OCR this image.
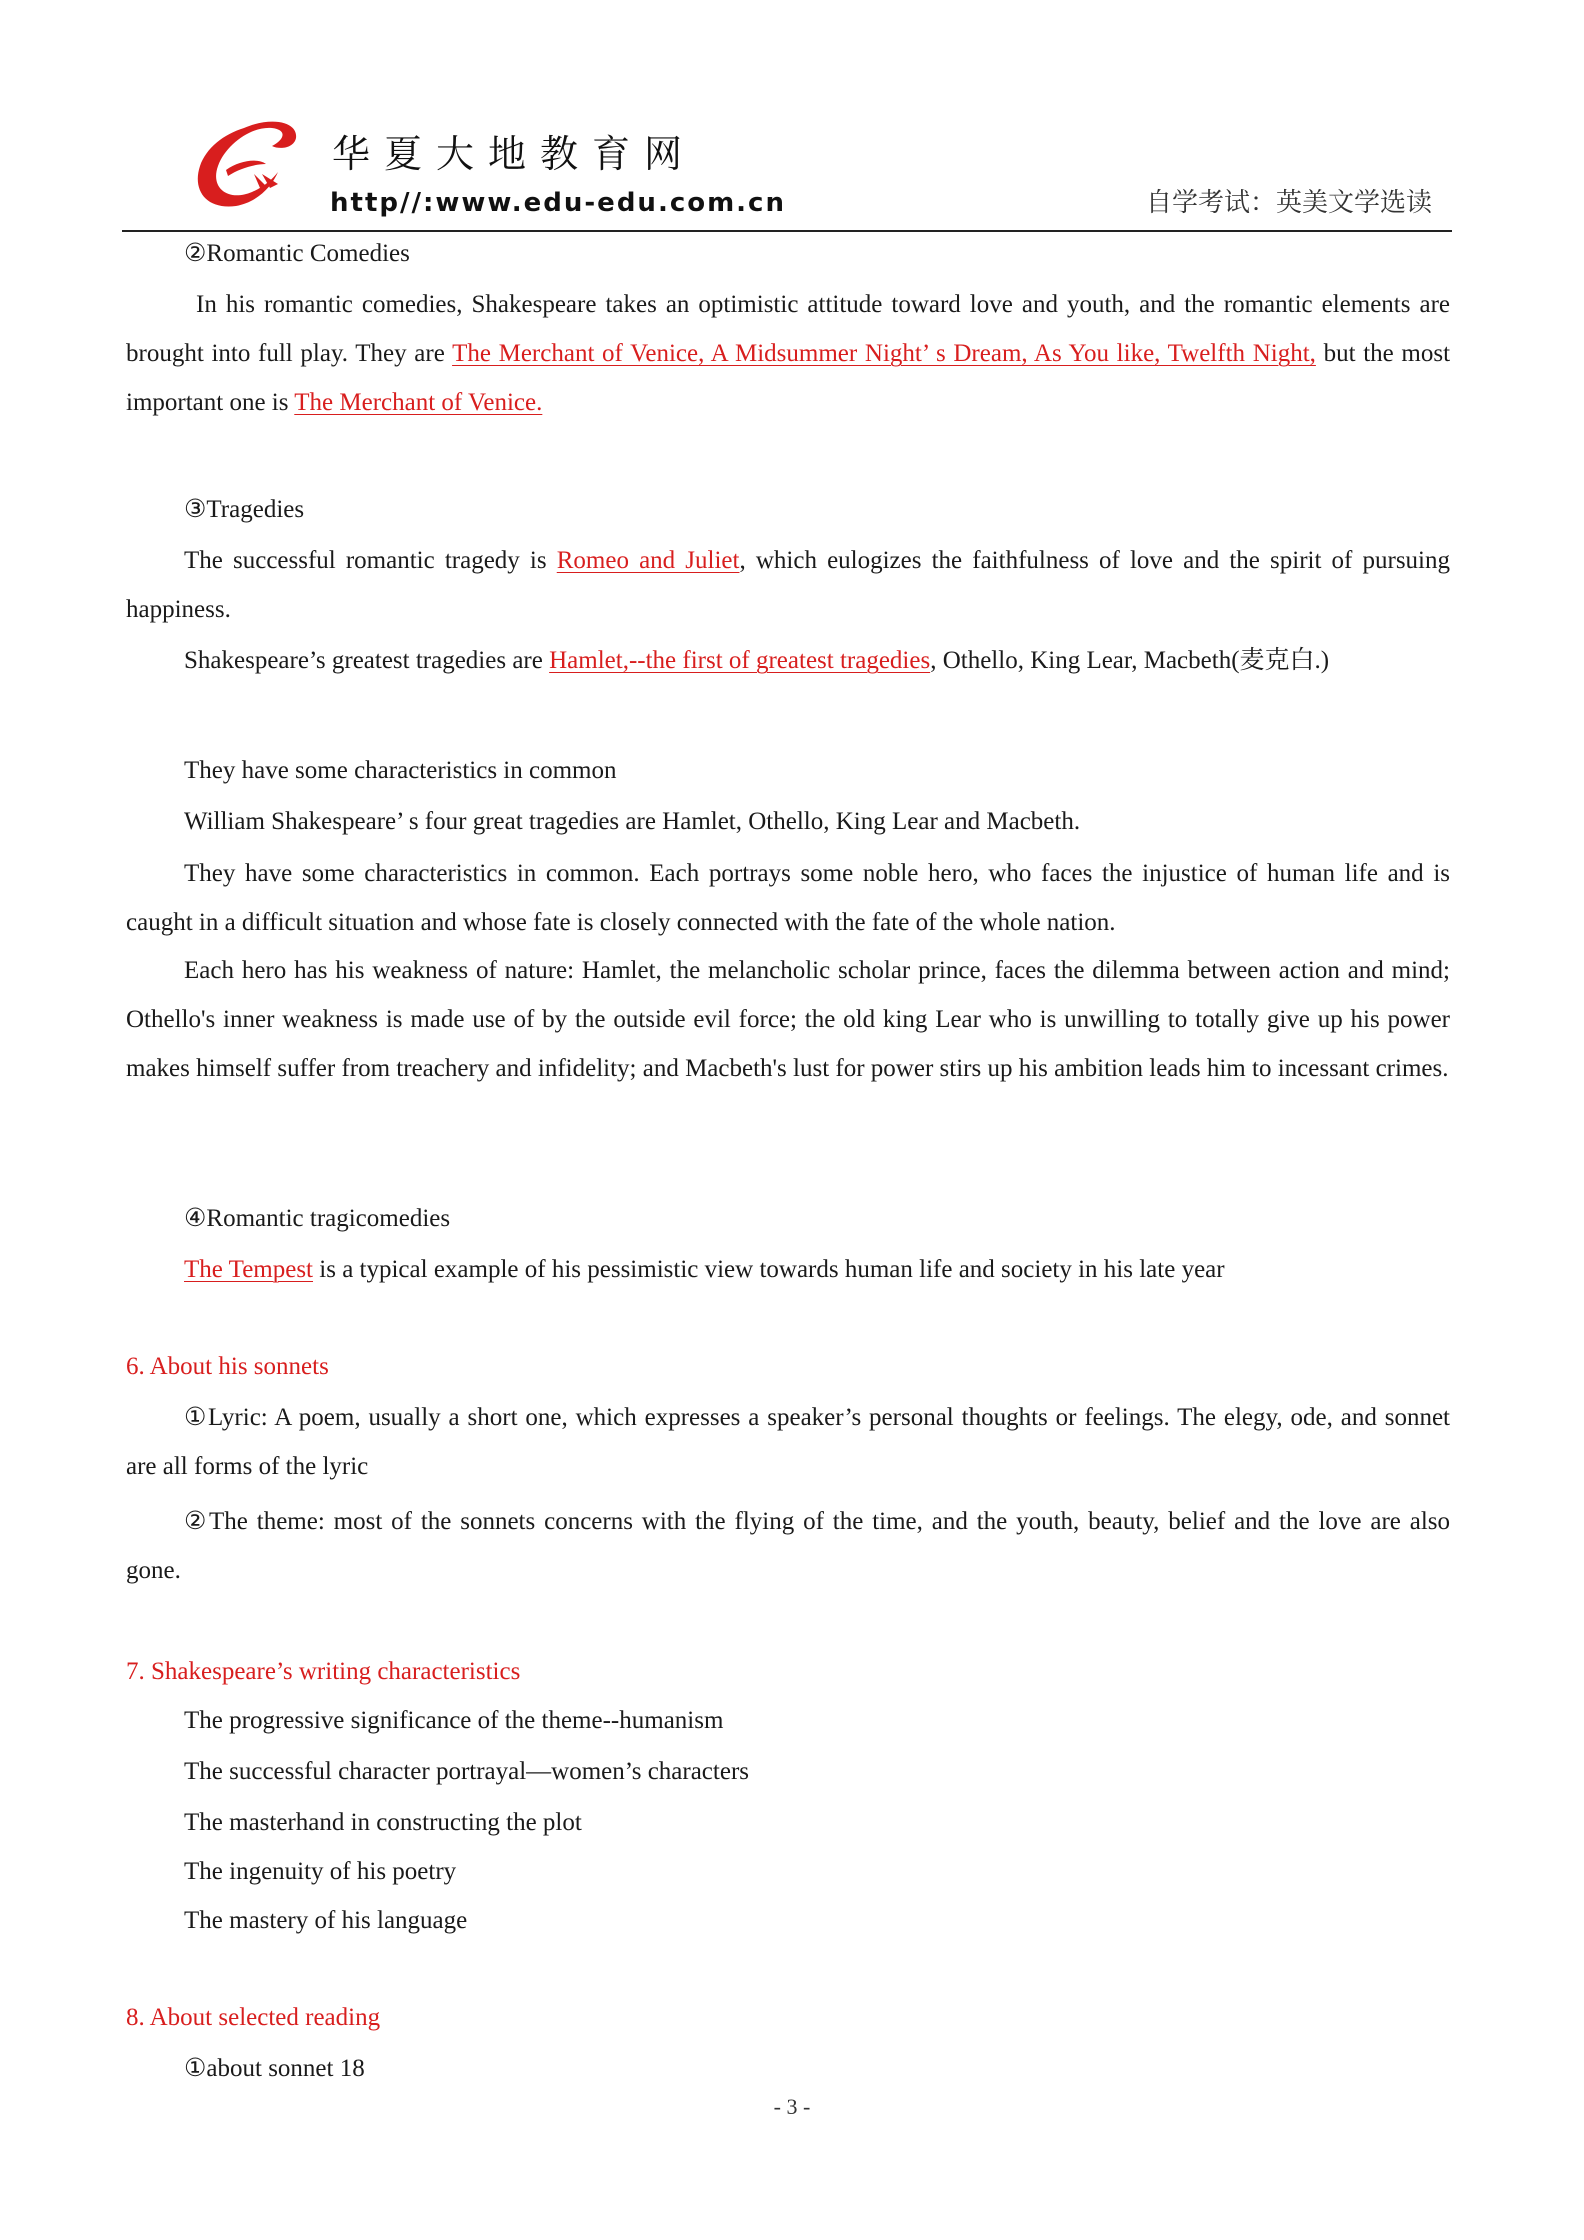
华夏大地教育网
http//:www.edu-edu.com.cn	自学考试：英美文学选读

②Romantic Comedies

In his romantic comedies, Shakespeare takes an optimistic attitude toward love and youth, and the romantic elements are brought into full play. They are The Merchant of Venice, A Midsummer Night’ s Dream, As You like, Twelfth Night, but the most important one is The Merchant of Venice.

③Tragedies

The successful romantic tragedy is Romeo and Juliet, which eulogizes the faithfulness of love and the spirit of pursuing happiness.

Shakespeare’s greatest tragedies are Hamlet,--the first of greatest tragedies, Othello, King Lear, Macbeth(麦克白.)

They have some characteristics in common

William Shakespeare’ s four great tragedies are Hamlet, Othello, King Lear and Macbeth.

They have some characteristics in common. Each portrays some noble hero, who faces the injustice of human life and is caught in a difficult situation and whose fate is closely connected with the fate of the whole nation.

Each hero has his weakness of nature: Hamlet, the melancholic scholar prince, faces the dilemma between action and mind; Othello's inner weakness is made use of by the outside evil force; the old king Lear who is unwilling to totally give up his power makes himself suffer from treachery and infidelity; and Macbeth's lust for power stirs up his ambition leads him to incessant crimes.

④Romantic tragicomedies

The Tempest is a typical example of his pessimistic view towards human life and society in his late year

6. About his sonnets

①Lyric: A poem, usually a short one, which expresses a speaker’s personal thoughts or feelings. The elegy, ode, and sonnet are all forms of the lyric

②The theme: most of the sonnets concerns with the flying of the time, and the youth, beauty, belief and the love are also gone.

7. Shakespeare’s writing characteristics

The progressive significance of the theme--humanism

The successful character portrayal—women’s characters

The masterhand in constructing the plot

The ingenuity of his poetry

The mastery of his language

8. About selected reading

①about sonnet 18

- 3 -
